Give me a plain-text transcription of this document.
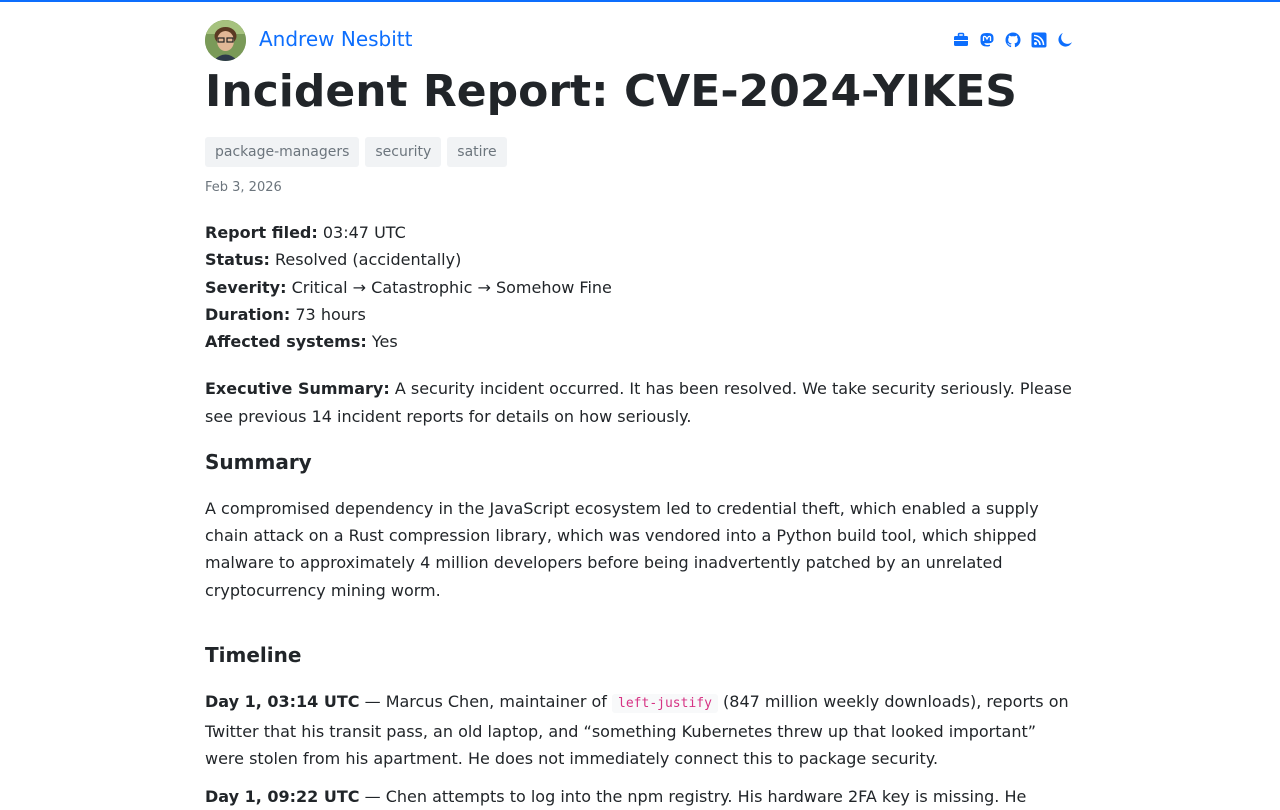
Andrew Nesbitt
Incident Report: CVE-2024-YIKES
package-managers	security	satire
Feb 3, 2026
Report filed: 03:47 UTC
Status: Resolved (accidentally)
Severity: Critical → Catastrophic → Somehow Fine
Duration: 73 hours
Affected systems: Yes

Executive Summary: A security incident occurred. It has been resolved. We take security seriously. Please see previous 14 incident reports for details on how seriously.

Summary

A compromised dependency in the JavaScript ecosystem led to credential theft, which enabled a supply chain attack on a Rust compression library, which was vendored into a Python build tool, which shipped malware to approximately 4 million developers before being inadvertently patched by an unrelated cryptocurrency mining worm.

Timeline

Day 1, 03:14 UTC — Marcus Chen, maintainer of left-justify (847 million weekly downloads), reports on Twitter that his transit pass, an old laptop, and “something Kubernetes threw up that looked important” were stolen from his apartment. He does not immediately connect this to package security.

Day 1, 09:22 UTC — Chen attempts to log into the npm registry. His hardware 2FA key is missing. He
